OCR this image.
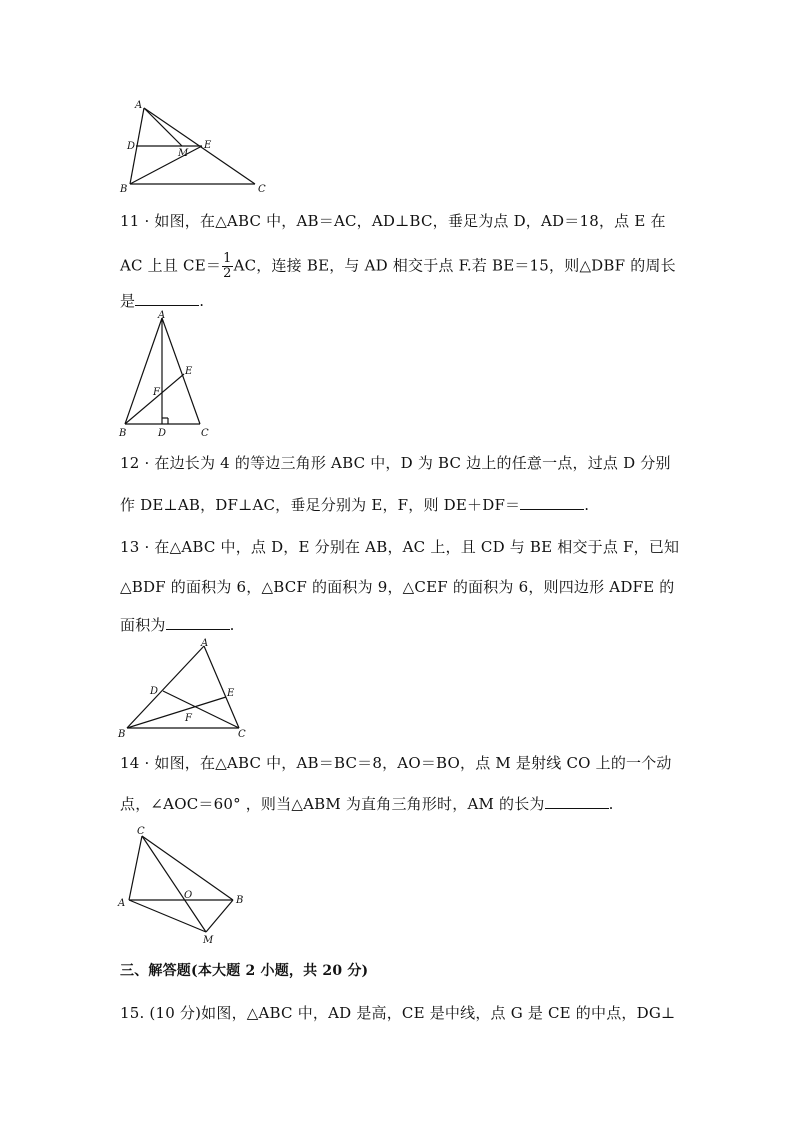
A
D
M
E
B	C
11 · 如图，在△ABC 中，AB＝AC，AD⊥BC，垂足为点 D，AD＝18，点 E 在
AC 上且 $CE= \frac{1}{2}$ AC，连接 BE，与 AD 相交于点 F.若 BE＝15，则△DBF 的周长
是	.
A
E
F
B	D	C
12 · 在边长为 4 的等边三角形 ABC 中，D 为 BC 边上的任意一点，过点 D 分别
作 DE⊥AB，DF⊥AC，垂足分别为 E，F，则 DE＋DF＝	.
13 · 在△ABC 中，点 D，E 分别在 AB，AC 上，且 CD 与 BE 相交于点 F，已知
△BDF 的面积为 6，△BCF 的面积为 9，△CEF 的面积为 6，则四边形 ADFE 的
面积为	.
A
D	E
F
B	C
14 · 如图，在△ABC 中，AB＝BC＝8，AO＝BO，点 M 是射线 CO 上的一个动
点，∠AOC＝60° ，则当△ABM 为直角三角形时，AM 的长为	.
C
A
O	B
M
三、解答题(本大题 2 小题，共 20 分)
15. (10 分)如图，△ABC 中，AD 是高，CE 是中线，点 G 是 CE 的中点，DG⊥
